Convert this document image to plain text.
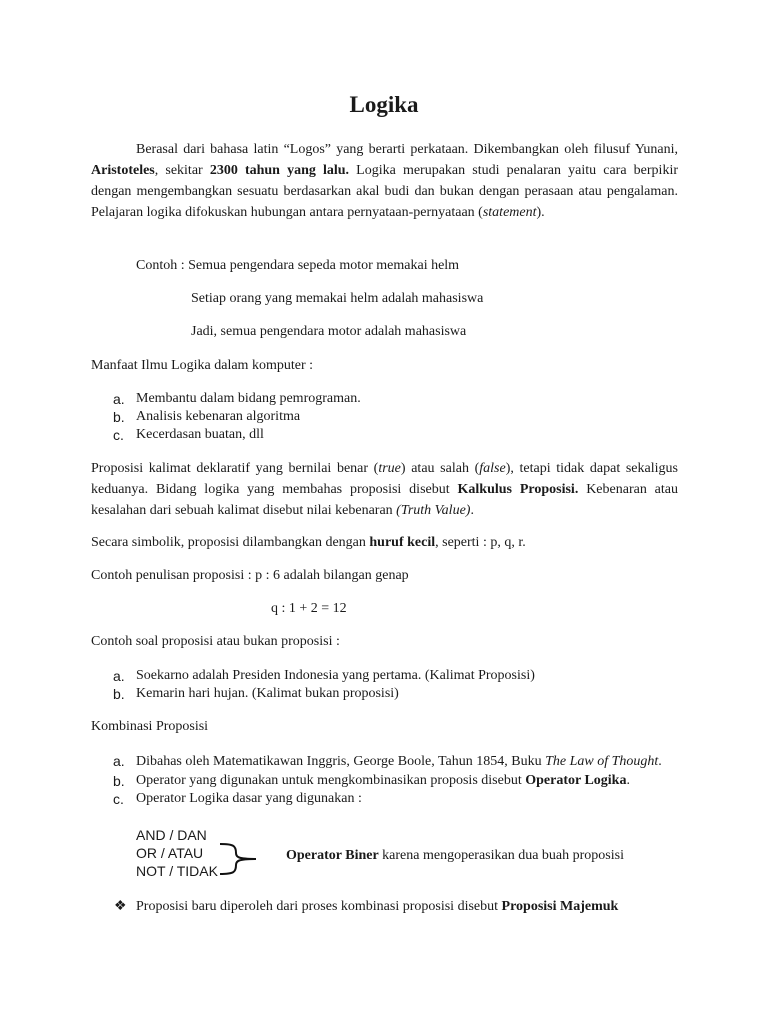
Logika

Berasal dari bahasa latin “Logos” yang berarti perkataan. Dikembangkan oleh filusuf Yunani, Aristoteles, sekitar 2300 tahun yang lalu. Logika merupakan studi penalaran yaitu cara berpikir dengan mengembangkan sesuatu berdasarkan akal budi dan bukan dengan perasaan atau pengalaman. Pelajaran logika difokuskan hubungan antara pernyataan-pernyataan (statement).

Contoh : Semua pengendara sepeda motor memakai helm
Setiap orang yang memakai helm adalah mahasiswa
Jadi, semua pengendara motor adalah mahasiswa
Manfaat Ilmu Logika dalam komputer :
a. Membantu dalam bidang pemrograman.
b. Analisis kebenaran algoritma
c. Kecerdasan buatan, dll

Proposisi kalimat deklaratif yang bernilai benar (true) atau salah (false), tetapi tidak dapat sekaligus keduanya. Bidang logika yang membahas proposisi disebut Kalkulus Proposisi. Kebenaran atau kesalahan dari sebuah kalimat disebut nilai kebenaran (Truth Value).

Secara simbolik, proposisi dilambangkan dengan huruf kecil, seperti : p, q, r.
Contoh penulisan proposisi : p : 6 adalah bilangan genap
q : 1 + 2 = 12
Contoh soal proposisi atau bukan proposisi :
a. Soekarno adalah Presiden Indonesia yang pertama. (Kalimat Proposisi)
b. Kemarin hari hujan. (Kalimat bukan proposisi)
Kombinasi Proposisi
a. Dibahas oleh Matematikawan Inggris, George Boole, Tahun 1854, Buku The Law of Thought.
b. Operator yang digunakan untuk mengkombinasikan proposis disebut Operator Logika.
c. Operator Logika dasar yang digunakan :
AND / DAN
OR / ATAU
NOT / TIDAK
Operator Biner karena mengoperasikan dua buah proposisi
❖ Proposisi baru diperoleh dari proses kombinasi proposisi disebut Proposisi Majemuk
